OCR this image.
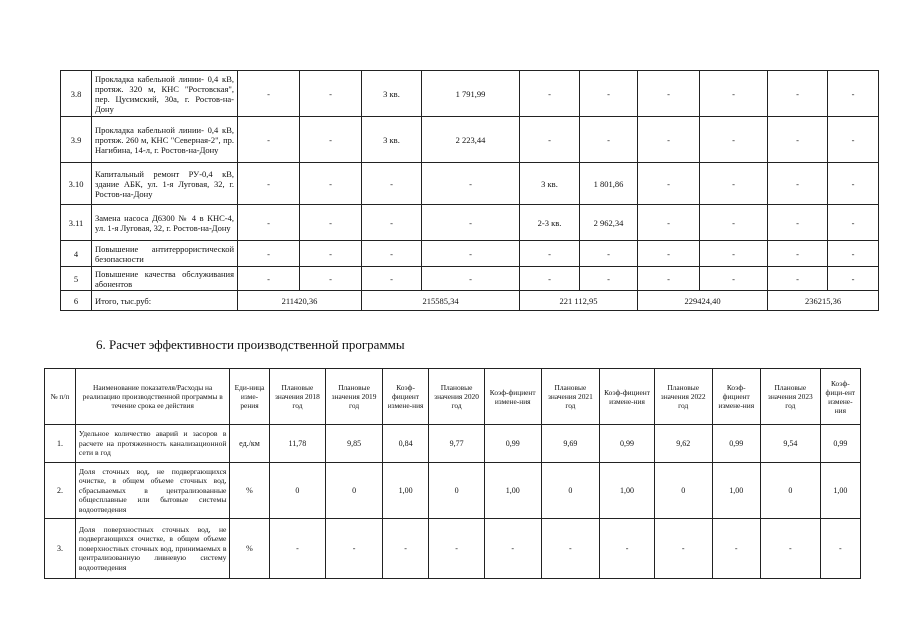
3.8	Прокладка кабельной линии- 0,4 кВ, протяж. 320 м, КНС "Ростовская", пер. Цусимский, 30а, г. Ростов-на-Дону	-	-	3 кв.	1 791,99	-	-	-	-	-	-
3.9	Прокладка кабельной линии- 0,4 кВ, протяж. 260 м, КНС "Северная-2", пр. Нагибина, 14-л, г. Ростов-на-Дону	-	-	3 кв.	2 223,44	-	-	-	-	-	-
3.10	Капитальный ремонт РУ-0,4 кВ, здание АБК, ул. 1-я Луговая, 32, г. Ростов-на-Дону	-	-	-	-	3 кв.	1 801,86	-	-	-	-
3.11	Замена насоса Д6300 № 4 в КНС-4, ул. 1-я Луговая, 32, г. Ростов-на-Дону	-	-	-	-	2-3 кв.	2 962,34	-	-	-	-
4	Повышение антитеррористической безопасности	-	-	-	-	-	-	-	-	-	-
5	Повышение качества обслуживания абонентов	-	-	-	-	-	-	-	-	-	-
6	Итого, тыс.руб:	211420,36		215585,34		221 112,95		229424,40		236215,36	
6. Расчет эффективности производственной программы
№ п/п	Наименование показателя/Расходы на реализацию производственной программы в течение срока ее действия	Еди-ница изме-рения	Плановые значения 2018 год	Плановые значения 2019 год	Коэф-фициент измене-ния	Плановые значения 2020 год	Коэф-фициент измене-ния	Плановые значения 2021 год	Коэф-фициент измене-ния	Плановые значения 2022 год	Коэф-фициент измене-ния	Плановые значения 2023 год	Коэф-фици-ент измене-ния
1.	Удельное количество аварий и засоров в расчете на протяженность канализационной сети в год	ед./км	11,78	9,85	0,84	9,77	0,99	9,69	0,99	9,62	0,99	9,54	0,99
2.	Доля сточных вод, не подвергающихся очистке, в общем объеме сточных вод, сбрасываемых в централизованные общесплавные или бытовые системы водоотведения	%	0	0	1,00	0	1,00	0	1,00	0	1,00	0	1,00
3.	Доля поверхностных сточных вод, не подвергающихся очистке, в общем объеме поверхностных сточных вод, принимаемых в централизованную ливневую систему водоотведения	%	-	-	-	-	-	-	-	-	-	-	-
